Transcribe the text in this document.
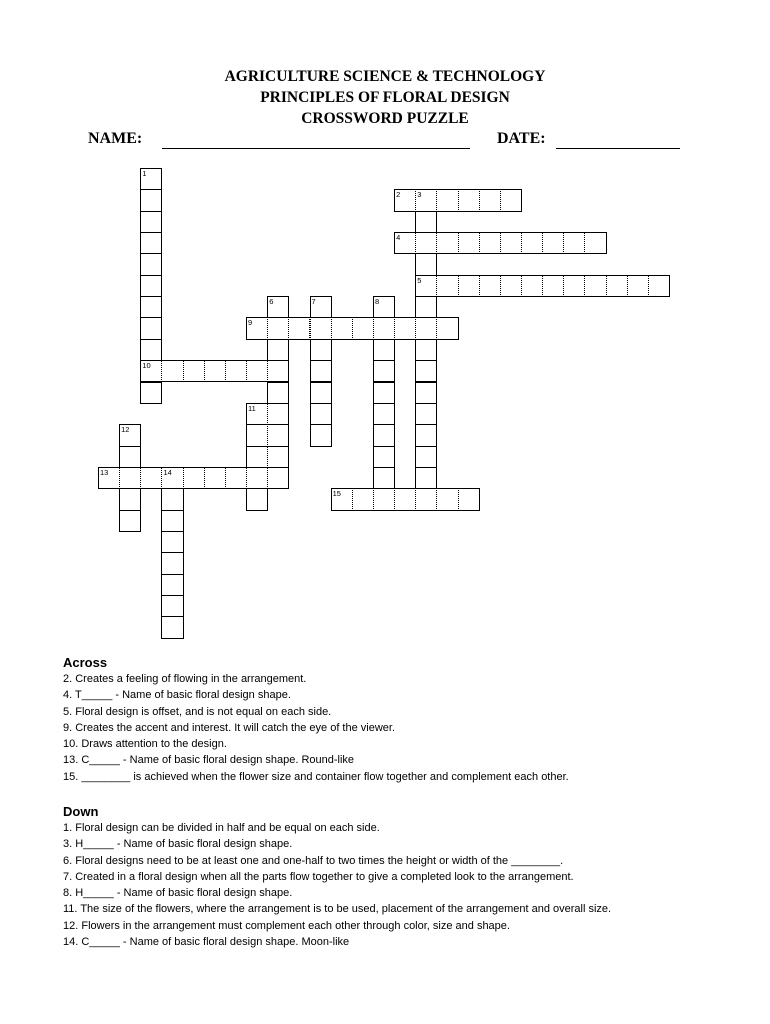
AGRICULTURE SCIENCE & TECHNOLOGY
PRINCIPLES OF FLORAL DESIGN
CROSSWORD PUZZLE
NAME:	DATE:
1
10
2 3
5
4
6	7	8
9
11
12
13	14
15
Across
2. Creates a feeling of flowing in the arrangement.
4. T_____ - Name of basic floral design shape.
5. Floral design is offset, and is not equal on each side.
9. Creates the accent and interest. It will catch the eye of the viewer.
10. Draws attention to the design.
13. C_____ - Name of basic floral design shape. Round-like
15. ________ is achieved when the flower size and container flow together and complement each other.
Down
1. Floral design can be divided in half and be equal on each side.
3. H_____ - Name of basic floral design shape.
6. Floral designs need to be at least one and one-half to two times the height or width of the ________.
7. Created in a floral design when all the parts flow together to give a completed look to the arrangement.
8. H_____ - Name of basic floral design shape.
11. The size of the flowers, where the arrangement is to be used, placement of the arrangement and overall size.
12. Flowers in the arrangement must complement each other through color, size and shape.
14. C_____ - Name of basic floral design shape. Moon-like
